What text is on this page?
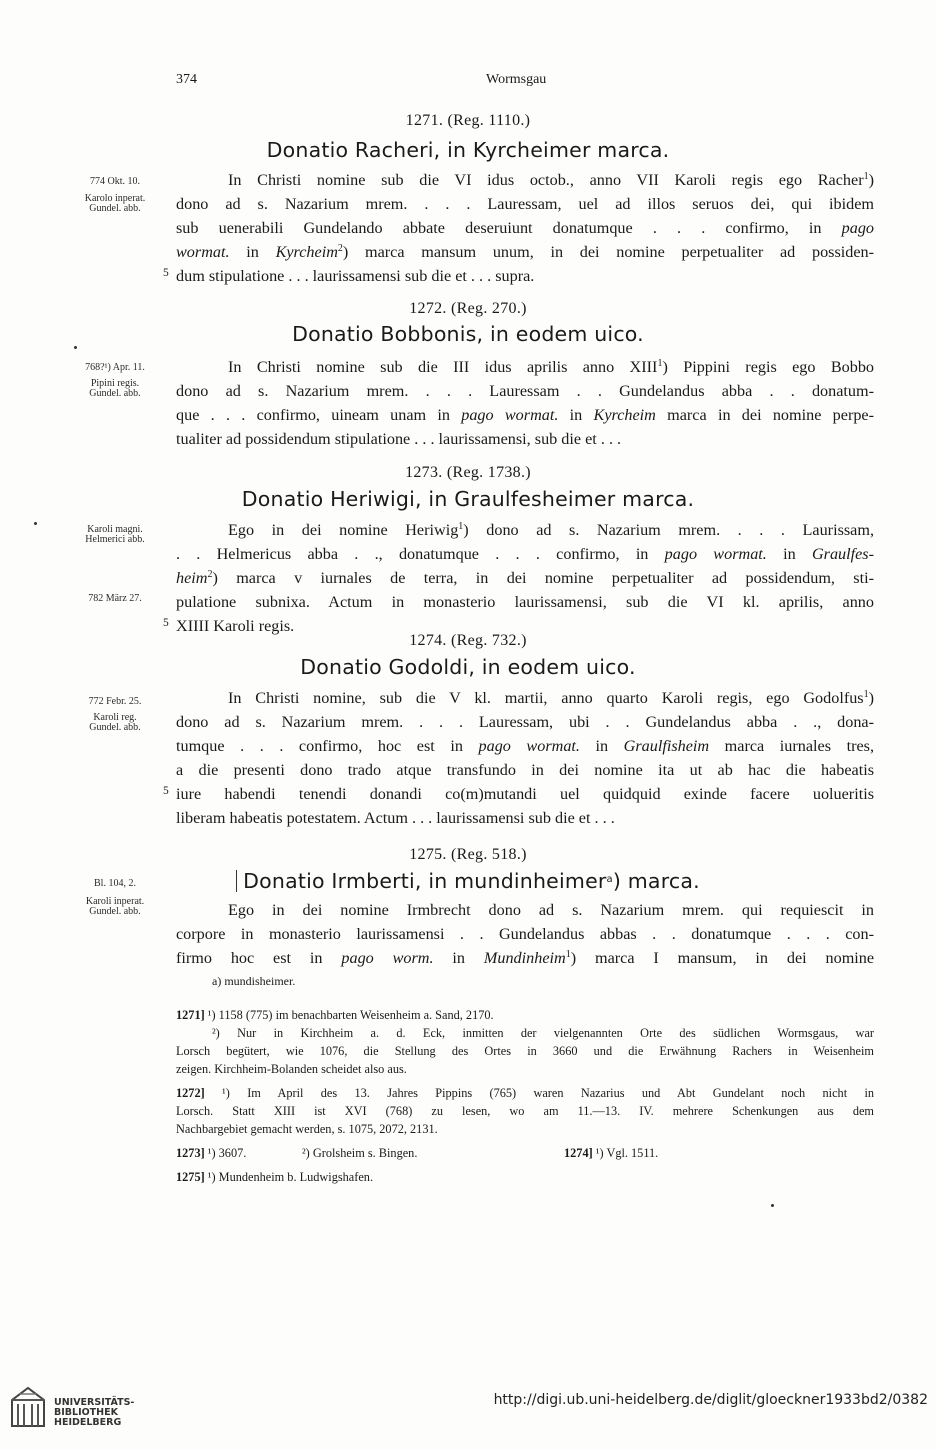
374	Wormsgau
1271. (Reg. 1110.)
Donatio Racheri, in Kyrcheimer marca.
774 Okt. 10.
Karolo inperat.
Gundel. abb.
In Christi nomine sub die VI idus octob., anno VII Karoli regis ego Racher$^1$)
dono ad s. Nazarium mrem. . . . Lauressam, uel ad illos seruos dei, qui ibidem
sub uenerabili Gundelando abbate deseruiunt donatumque . . . confirmo, in pago
wormat. in Kyrcheim$^2$) marca mansum unum, in dei nomine perpetualiter ad possiden-
5 dum stipulatione . . . laurissamensi sub die et . . . supra.
1272. (Reg. 270.)
Donatio Bobbonis, in eodem uico.
768?¹) Apr. 11.
Pipini regis.
Gundel. abb.
In Christi nomine sub die III idus aprilis anno XIII$^1$) Pippini regis ego Bobbo
dono ad s. Nazarium mrem. . . . Lauressam . . Gundelandus abba . . donatum-
que . . . confirmo, uineam unam in pago wormat. in Kyrcheim marca in dei nomine perpe-
tualiter ad possidendum stipulatione . . . laurissamensi, sub die et . . .
1273. (Reg. 1738.)
Donatio Heriwigi, in Graulfesheimer marca.
Karoli magni.
Helmerici abb.
782 März 27.
Ego in dei nomine Heriwig$^1$) dono ad s. Nazarium mrem. . . . Laurissam,
. . Helmericus abba . ., donatumque . . . confirmo, in pago wormat. in Graulfes-
heim$^2$) marca v iurnales de terra, in dei nomine perpetualiter ad possidendum, sti-
pulatione subnixa. Actum in monasterio laurissamensi, sub die VI kl. aprilis, anno
5 XIIII Karoli regis.
1274. (Reg. 732.)
Donatio Godoldi, in eodem uico.
772 Febr. 25.
Karoli reg.
Gundel. abb.
In Christi nomine, sub die V kl. martii, anno quarto Karoli regis, ego Godolfus$^1$)
dono ad s. Nazarium mrem. . . . Lauressam, ubi . . Gundelandus abba . ., dona-
tumque . . . confirmo, hoc est in pago wormat. in Graulfisheim marca iurnales tres,
a die presenti dono trado atque transfundo in dei nomine ita ut ab hac die habeatis
5 iure habendi tenendi donandi co(m)mutandi uel quidquid exinde facere uolueritis
liberam habeatis potestatem. Actum . . . laurissamensi sub die et . . .
1275. (Reg. 518.)
Donatio Irmberti, in mundinheimer$^a$) marca.
Bl. 104, 2.
Karoli inperat.
Gundel. abb.	Ego in dei nomine Irmbrecht dono ad s. Nazarium mrem. qui requiescit in
corpore in monasterio laurissamensi . . Gundelandus abbas . . donatumque . . . con-
firmo hoc est in pago worm. in Mundinheim$^1$) marca I mansum, in dei nomine
a) mundisheimer.
1271] ¹) 1158 (775) im benachbarten Weisenheim a. Sand, 2170.
²) Nur in Kirchheim a. d. Eck, inmitten der vielgenannten Orte des südlichen Wormsgaus, war
Lorsch begütert, wie 1076, die Stellung des Ortes in 3660 und die Erwähnung Rachers in Weisenheim
zeigen. Kirchheim-Bolanden scheidet also aus.
1272] ¹) Im April des 13. Jahres Pippins (765) waren Nazarius und Abt Gundelant noch nicht in
Lorsch. Statt XIII ist XVI (768) zu lesen, wo am 11.—13. IV. mehrere Schenkungen aus dem
Nachbargebiet gemacht werden, s. 1075, 2072, 2131.
1273] ¹) 3607.	²) Grolsheim s. Bingen.	1274] ¹) Vgl. 1511.
1275] ¹) Mundenheim b. Ludwigshafen.
UNIVERSITÄTS-
BIBLIOTHEK
HEIDELBERG
http://digi.ub.uni-heidelberg.de/diglit/gloeckner1933bd2/0382
